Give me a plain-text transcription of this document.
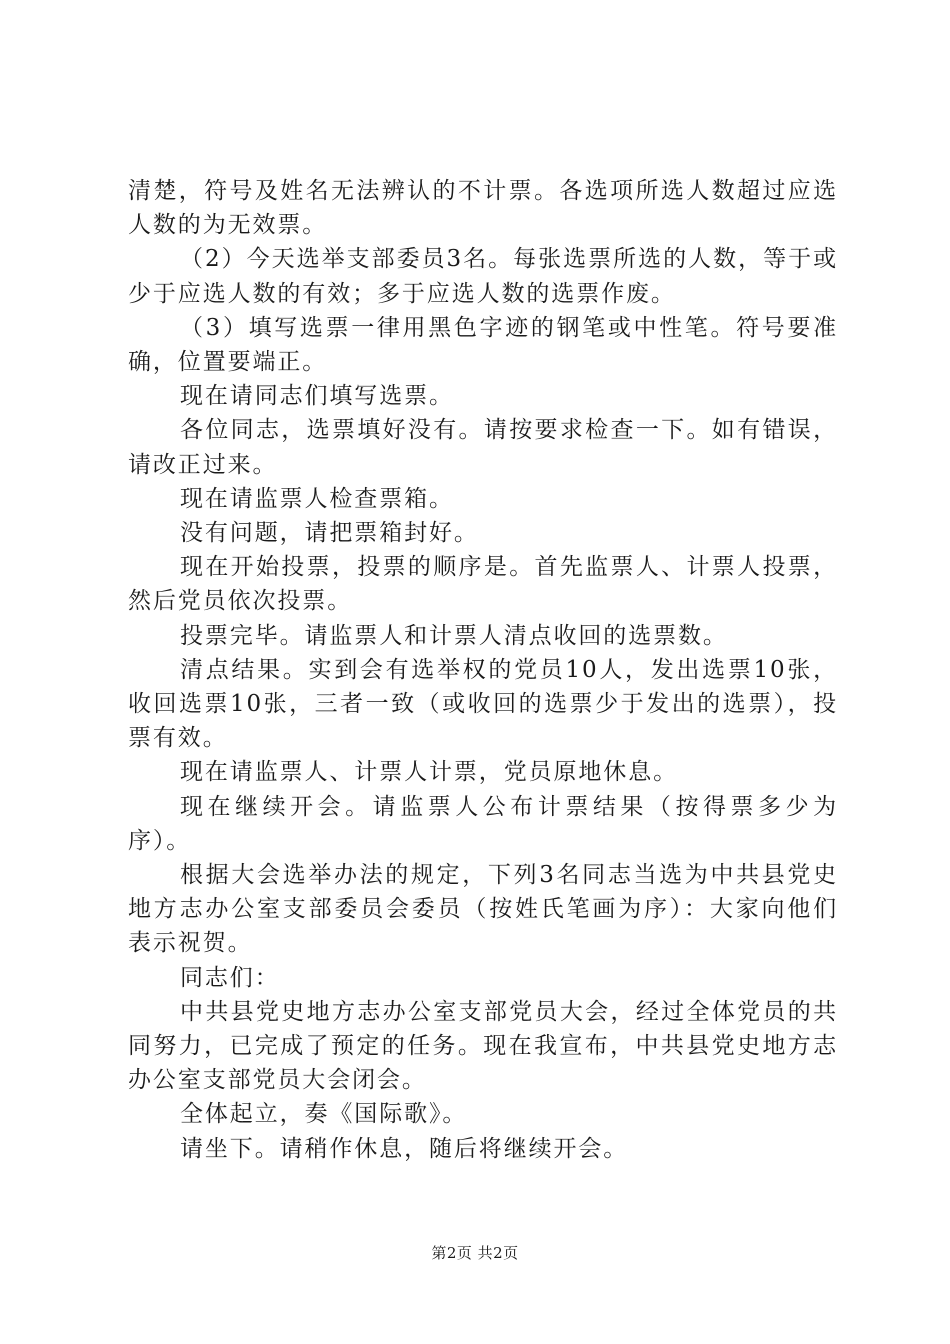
清楚，符号及姓名无法辨认的不计票。各选项所选人数超过应选人数的为无效票。

（2）今天选举支部委员3名。每张选票所选的人数，等于或少于应选人数的有效；多于应选人数的选票作废。

（3）填写选票一律用黑色字迹的钢笔或中性笔。符号要准确，位置要端正。

现在请同志们填写选票。

各位同志，选票填好没有。请按要求检查一下。如有错误，请改正过来。

现在请监票人检查票箱。

没有问题，请把票箱封好。

现在开始投票，投票的顺序是。首先监票人、计票人投票，然后党员依次投票。

投票完毕。请监票人和计票人清点收回的选票数。

清点结果。实到会有选举权的党员10人，发出选票10张，收回选票10张，三者一致（或收回的选票少于发出的选票），投票有效。

现在请监票人、计票人计票，党员原地休息。

现在继续开会。请监票人公布计票结果（按得票多少为序）。

根据大会选举办法的规定，下列3名同志当选为中共县党史地方志办公室支部委员会委员（按姓氏笔画为序）：大家向他们表示祝贺。

同志们：

中共县党史地方志办公室支部党员大会，经过全体党员的共同努力，已完成了预定的任务。现在我宣布，中共县党史地方志办公室支部党员大会闭会。

全体起立，奏《国际歌》。

请坐下。请稍作休息，随后将继续开会。

第2页 共2页
